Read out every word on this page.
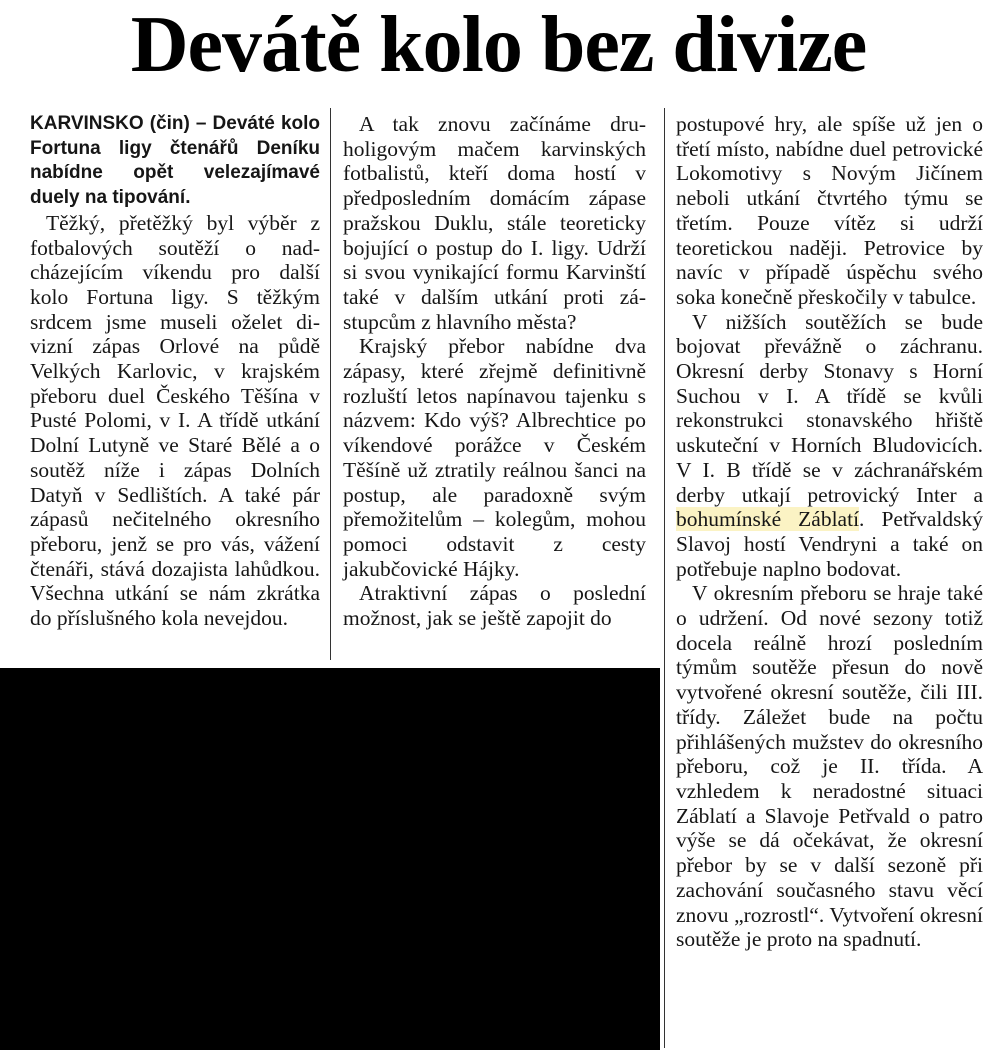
Devátě kolo bez divize

KARVINSKO (čin) – Deváté kolo Fortuna ligy čtenářů Deníku nabídne opět velezajímavé duely na tipování.

Těžký, přetěžký byl výběr z fotbalových soutěží o nadcházejícím víkendu pro další kolo Fortuna ligy. S těžkým srdcem jsme museli oželet divizní zápas Orlové na půdě Velkých Karlovic, v krajském přeboru duel Českého Těšína v Pusté Polomi, v I. A třídě utkání Dolní Lutyně ve Staré Bělé a o soutěž níže i zápas Dolních Datyň v Sedlištích. A také pár zápasů nečitelného okresního přeboru, jenž se pro vás, vážení čtenáři, stává dozajista lahůdkou. Všechna utkání se nám zkrátka do příslušného kola nevejdou.

A tak znovu začínáme druholigovým mačem karvinských fotbalistů, kteří doma hostí v předposledním domácím zápase pražskou Duklu, stále teoreticky bojující o postup do I. ligy. Udrží si svou vynikající formu Karvinští také v dalším utkání proti zástupcům z hlavního města?

Krajský přebor nabídne dva zápasy, které zřejmě definitivně rozluští letos napínavou tajenku s názvem: Kdo výš? Albrechtice po víkendové porážce v Českém Těšíně už ztratily reálnou šanci na postup, ale paradoxně svým přemožitelům – kolegům, mohou pomoci odstavit z cesty jakubčovické Hájky.

Atraktivní zápas o poslední možnost, jak se ještě zapojit do

postupové hry, ale spíše už jen o třetí místo, nabídne duel petrovické Lokomotivy s Novým Jičínem neboli utkání čtvrtého týmu se třetím. Pouze vítěz si udrží teoretickou naději. Petrovice by navíc v případě úspěchu svého soka konečně přeskočily v tabulce.

V nižších soutěžích se bude bojovat převážně o záchranu. Okresní derby Stonavy s Horní Suchou v I. A třídě se kvůli rekonstrukci stonavského hřiště uskuteční v Horních Bludovicích. V I. B třídě se v záchranářském derby utkají petrovický Inter a bohumínské Záblatí. Petřvaldský Slavoj hostí Vendryni a také on potřebuje naplno bodovat.

V okresním přeboru se hraje také o udržení. Od nové sezony totiž docela reálně hrozí posledním týmům soutěže přesun do nově vytvořené okresní soutěže, čili III. třídy. Záležet bude na počtu přihlášených mužstev do okresního přeboru, což je II. třída. A vzhledem k neradostné situaci Záblatí a Slavoje Petřvald o patro výše se dá očekávat, že okresní přebor by se v další sezoně při zachování současného stavu věcí znovu „rozrostl“. Vytvoření okresní soutěže je proto na spadnutí.
